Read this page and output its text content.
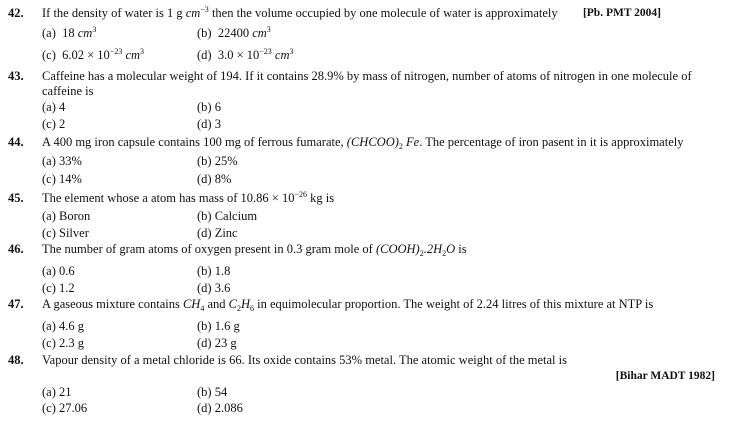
42. If the density of water is 1 g $cm^{-3}$ then the volume occupied by one molecule of water is approximately	[Pb. PMT 2004]
(a) 18 $cm^3$	(b) 22400 $cm^3$
(c) $6.02 \times 10^{-23}$ $cm^3$	(d) $3.0 \times 10^{-23}$ $cm^3$
43. Caffeine has a molecular weight of 194. If it contains 28.9% by mass of nitrogen, number of atoms of nitrogen in one molecule of caffeine is
(a) 4	(b) 6
(c) 2	(d) 3
44. A 400 mg iron capsule contains 100 mg of ferrous fumarate, $(CHCOO)_2$ Fe. The percentage of iron pasent in it is approximately
(a) 33%	(b) 25%
(c) 14%	(d) 8%
45. The element whose a atom has mass of $10.86 \times 10^{-26}$ kg is
(a) Boron	(b) Calcium
(c) Silver	(d) Zinc
46. The number of gram atoms of oxygen present in 0.3 gram mole of $(COOH)_2.2H_2O$ is
(a) 0.6	(b) 1.8
(c) 1.2	(d) 3.6
47. A gaseous mixture contains $CH_4$ and $C_2H_6$ in equimolecular proportion. The weight of 2.24 litres of this mixture at NTP is
(a) 4.6 g	(b) 1.6 g
(c) 2.3 g	(d) 23 g
48. Vapour density of a metal chloride is 66. Its oxide contains 53% metal. The atomic weight of the metal is
[Bihar MADT 1982]
(a) 21	(b) 54
(c) 27.06	(d) 2.086
